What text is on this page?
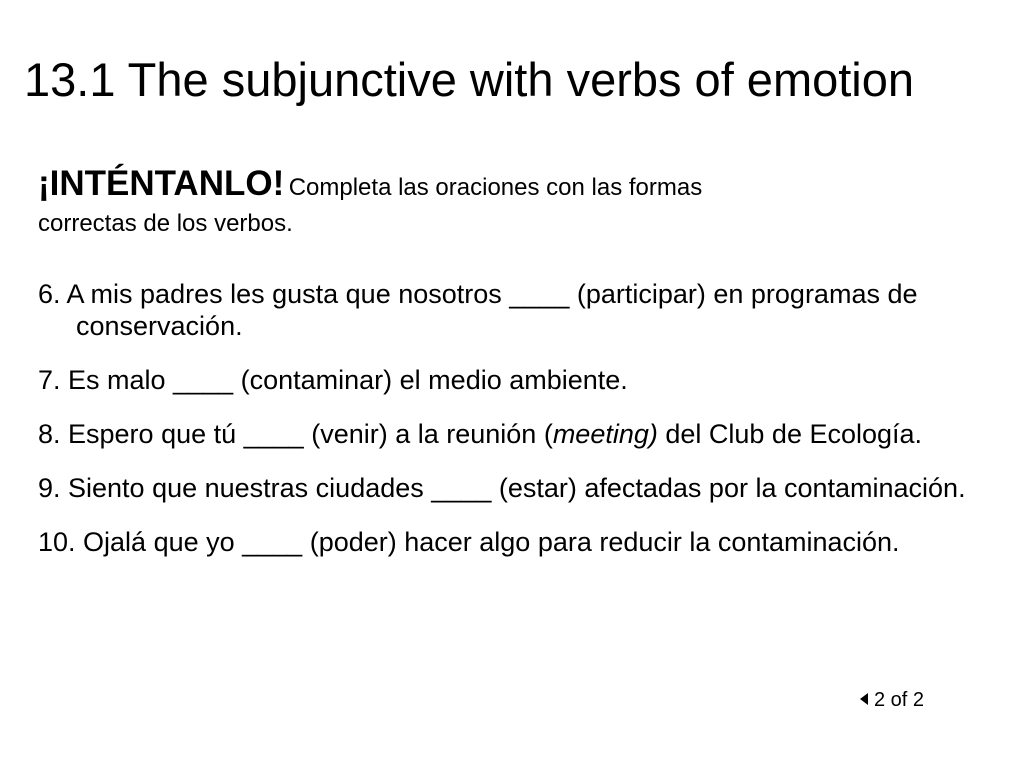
13.1 The subjunctive with verbs of emotion
¡INTÉNTANLO! Completa las oraciones con las formas
correctas de los verbos.
6. A mis padres les gusta que nosotros ____ (participar) en programas de conservación.
7. Es malo ____ (contaminar) el medio ambiente.
8. Espero que tú ____ (venir) a la reunión (meeting) del Club de Ecología.
9. Siento que nuestras ciudades ____ (estar) afectadas por la contaminación.
10. Ojalá que yo ____ (poder) hacer algo para reducir la contaminación.
2 of 2
